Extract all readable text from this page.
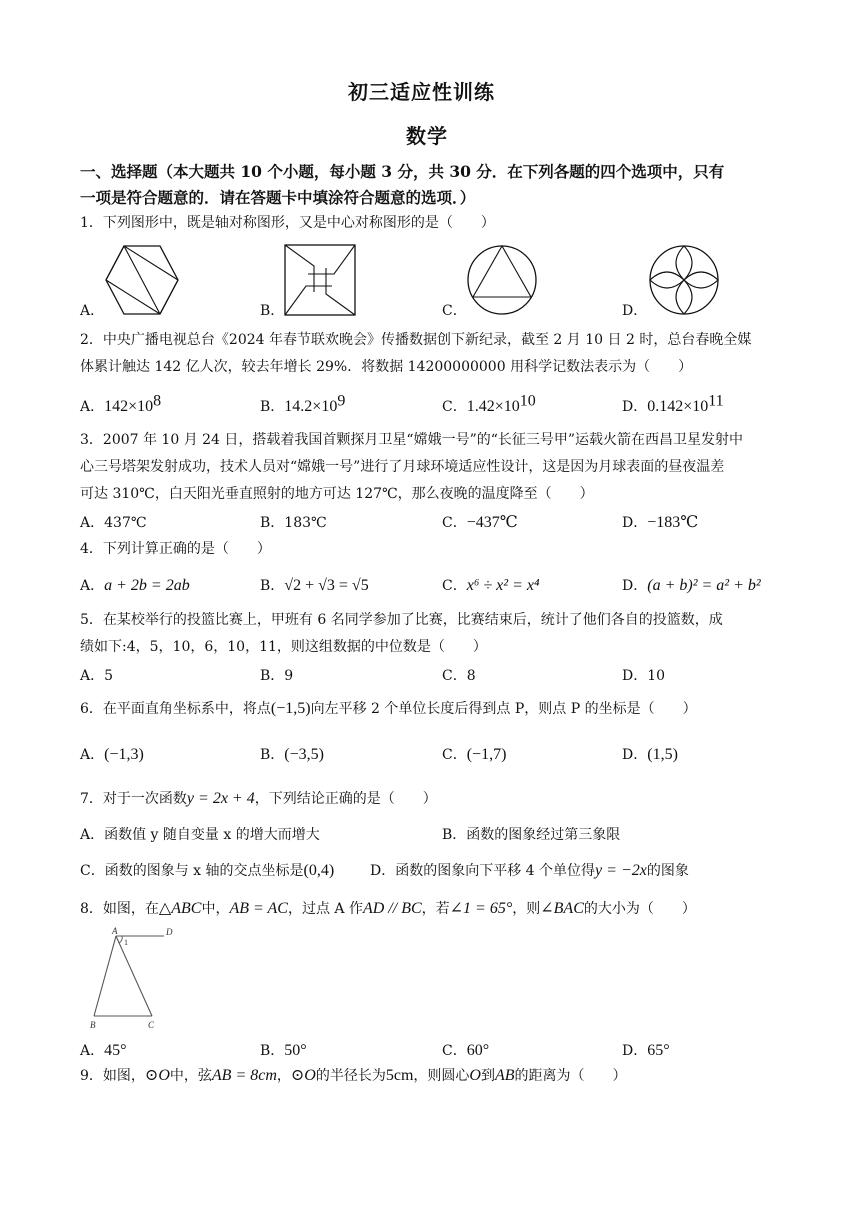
初三适应性训练
数学
一、选择题（本大题共 10 个小题，每小题 3 分，共 30 分．在下列各题的四个选项中，只有
一项是符合题意的．请在答题卡中填涂符合题意的选项．）
1．下列图形中，既是轴对称图形，又是中心对称图形的是（　　）
A．	B．	C．	D．
2．中央广播电视总台《2024 年春节联欢晚会》传播数据创下新纪录，截至 2 月 10 日 2 时，总台春晚全媒
体累计触达 142 亿人次，较去年增长 29%．将数据 14200000000 用科学记数法表示为（　　）
A．$142\times 10^8$	B．$14.2\times 10^9$	C．$1.42\times 10^{10}$	D．$0.142\times 10^{11}$
3．2007 年 10 月 24 日，搭载着我国首颗探月卫星“嫦娥一号”的“长征三号甲”运载火箭在西昌卫星发射中
心三号塔架发射成功，技术人员对“嫦娥一号”进行了月球环境适应性设计，这是因为月球表面的昼夜温差
可达 310℃，白天阳光垂直照射的地方可达 127℃，那么夜晚的温度降至（　　）
A．437℃	B．183℃	C．−437℃	D．−183℃
4．下列计算正确的是（　　）
A．a + 2b = 2ab	B．√2 + √3 = √5	C．x⁶ ÷ x² = x⁴	D．(a + b)² = a² + b²
5．在某校举行的投篮比赛上，甲班有 6 名同学参加了比赛，比赛结束后，统计了他们各自的投篮数，成
绩如下:4，5，10，6，10，11，则这组数据的中位数是（　　）
A．5	B．9	C．8	D．10
6．在平面直角坐标系中，将点(−1,5)向左平移 2 个单位长度后得到点 P，则点 P 的坐标是（　　）
A．(−1,3)	B．(−3,5)	C．(−1,7)	D．(1,5)
7．对于一次函数y = 2x + 4，下列结论正确的是（　　）
A．函数值 y 随自变量 x 的增大而增大	B．函数的图象经过第三象限
C．函数的图象与 x 轴的交点坐标是(0,4)	D．函数的图象向下平移 4 个单位得y = −2x的图象
8．如图，在△ABC中，AB = AC，过点 A 作AD // BC，若∠1 = 65°，则∠BAC的大小为（　　）
A	D
1
B	C
A．45°	B．50°	C．60°	D．65°
9．如图，⊙O中，弦AB = 8cm，⊙O的半径长为5cm，则圆心O到AB的距离为（　　）
